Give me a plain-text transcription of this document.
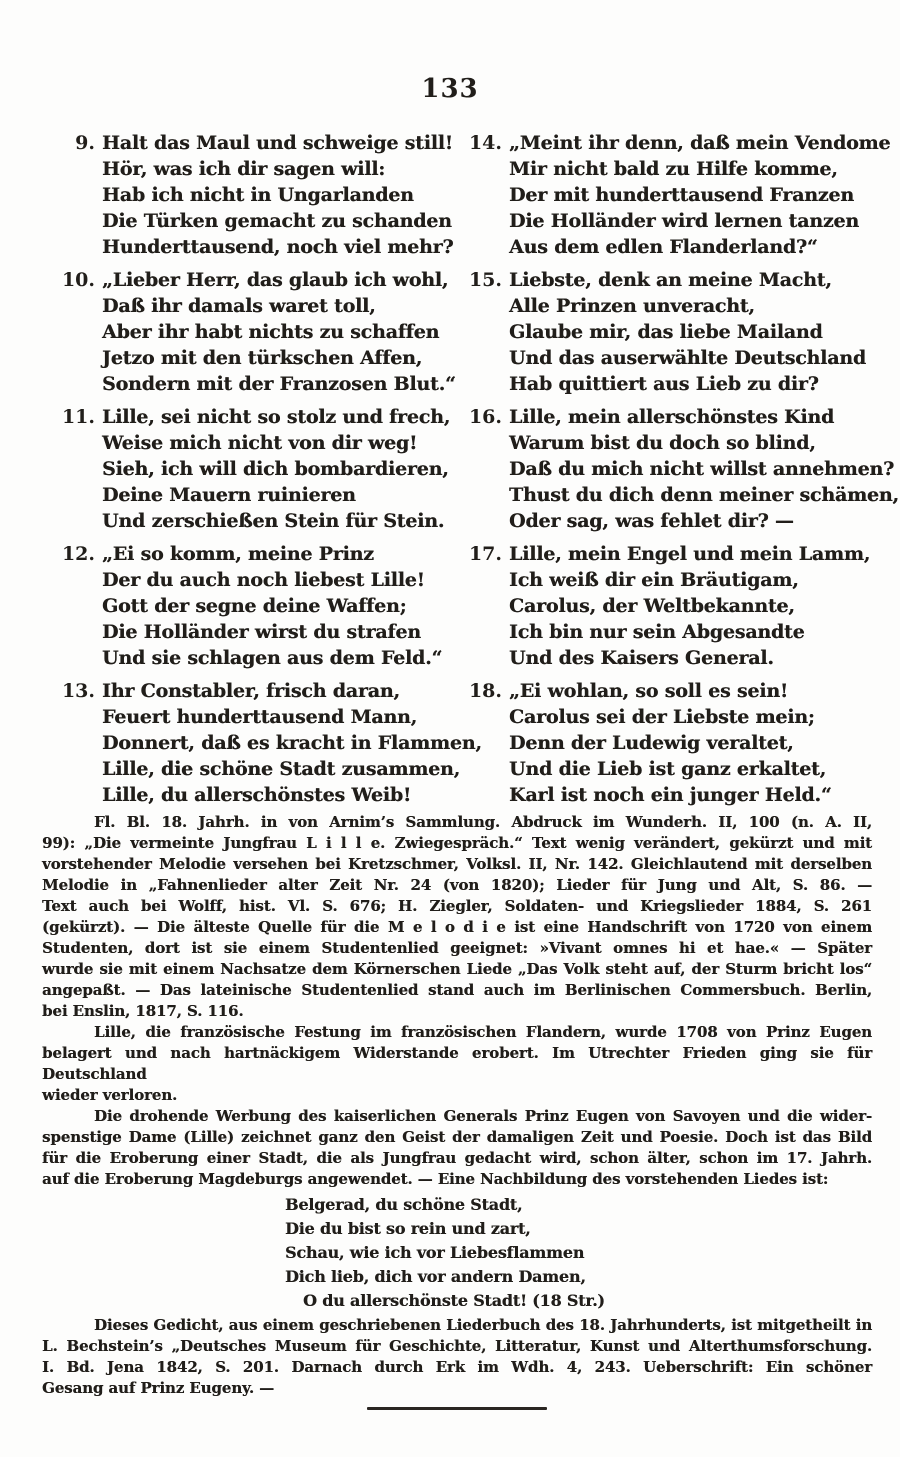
133
9. Halt das Maul und schweige still!
Hör, was ich dir sagen will:
Hab ich nicht in Ungarlanden
Die Türken gemacht zu schanden
Hunderttausend, noch viel mehr?
10. „Lieber Herr, das glaub ich wohl,
Daß ihr damals waret toll,
Aber ihr habt nichts zu schaffen
Jetzo mit den türkschen Affen,
Sondern mit der Franzosen Blut.“
11. Lille, sei nicht so stolz und frech,
Weise mich nicht von dir weg!
Sieh, ich will dich bombardieren,
Deine Mauern ruinieren
Und zerschießen Stein für Stein.
12. „Ei so komm, meine Prinz
Der du auch noch liebest Lille!
Gott der segne deine Waffen;
Die Holländer wirst du strafen
Und sie schlagen aus dem Feld.“
13. Ihr Constabler, frisch daran,
Feuert hunderttausend Mann,
Donnert, daß es kracht in Flammen,
Lille, die schöne Stadt zusammen,
Lille, du allerschönstes Weib!
14. „Meint ihr denn, daß mein Vendome
Mir nicht bald zu Hilfe komme,
Der mit hunderttausend Franzen
Die Holländer wird lernen tanzen
Aus dem edlen Flanderland?“
15. Liebste, denk an meine Macht,
Alle Prinzen unveracht,
Glaube mir, das liebe Mailand
Und das auserwählte Deutschland
Hab quittiert aus Lieb zu dir?
16. Lille, mein allerschönstes Kind
Warum bist du doch so blind,
Daß du mich nicht willst annehmen?
Thust du dich denn meiner schämen,
Oder sag, was fehlet dir? —
17. Lille, mein Engel und mein Lamm,
Ich weiß dir ein Bräutigam,
Carolus, der Weltbekannte,
Ich bin nur sein Abgesandte
Und des Kaisers General.
18. „Ei wohlan, so soll es sein!
Carolus sei der Liebste mein;
Denn der Ludewig veraltet,
Und die Lieb ist ganz erkaltet,
Karl ist noch ein junger Held.“
Fl. Bl. 18. Jahrh. in von Arnim’s Sammlung. Abdruck im Wunderh. II, 100 (n. A. II,
99): „Die vermeinte Jungfrau L i l l e. Zwiegespräch.“ Text wenig verändert, gekürzt und mit
vorstehender Melodie versehen bei Kretzschmer, Volksl. II, Nr. 142. Gleichlautend mit derselben
Melodie in „Fahnenlieder alter Zeit Nr. 24 (von 1820); Lieder für Jung und Alt, S. 86. —
Text auch bei Wolff, hist. Vl. S. 676; H. Ziegler, Soldaten- und Kriegslieder 1884, S. 261
(gekürzt). — Die älteste Quelle für die M e l o d i e ist eine Handschrift von 1720 von einem
Studenten, dort ist sie einem Studentenlied geeignet: »Vivant omnes hi et hae.« — Später
wurde sie mit einem Nachsatze dem Körnerschen Liede „Das Volk steht auf, der Sturm bricht los“
angepaßt. — Das lateinische Studentenlied stand auch im Berlinischen Commersbuch. Berlin,
bei Enslin, 1817, S. 116.
Lille, die französische Festung im französischen Flandern, wurde 1708 von Prinz Eugen
belagert und nach hartnäckigem Widerstande erobert. Im Utrechter Frieden ging sie für Deutschland
wieder verloren.
Die drohende Werbung des kaiserlichen Generals Prinz Eugen von Savoyen und die wider-
spenstige Dame (Lille) zeichnet ganz den Geist der damaligen Zeit und Poesie. Doch ist das Bild
für die Eroberung einer Stadt, die als Jungfrau gedacht wird, schon älter, schon im 17. Jahrh.
auf die Eroberung Magdeburgs angewendet. — Eine Nachbildung des vorstehenden Liedes ist:
Belgerad, du schöne Stadt,
Die du bist so rein und zart,
Schau, wie ich vor Liebesflammen
Dich lieb, dich vor andern Damen,
O du allerschönste Stadt! (18 Str.)
Dieses Gedicht, aus einem geschriebenen Liederbuch des 18. Jahrhunderts, ist mitgetheilt in
L. Bechstein’s „Deutsches Museum für Geschichte, Litteratur, Kunst und Alterthumsforschung.
I. Bd. Jena 1842, S. 201. Darnach durch Erk im Wdh. 4, 243. Ueberschrift: Ein schöner
Gesang auf Prinz Eugeny. —
